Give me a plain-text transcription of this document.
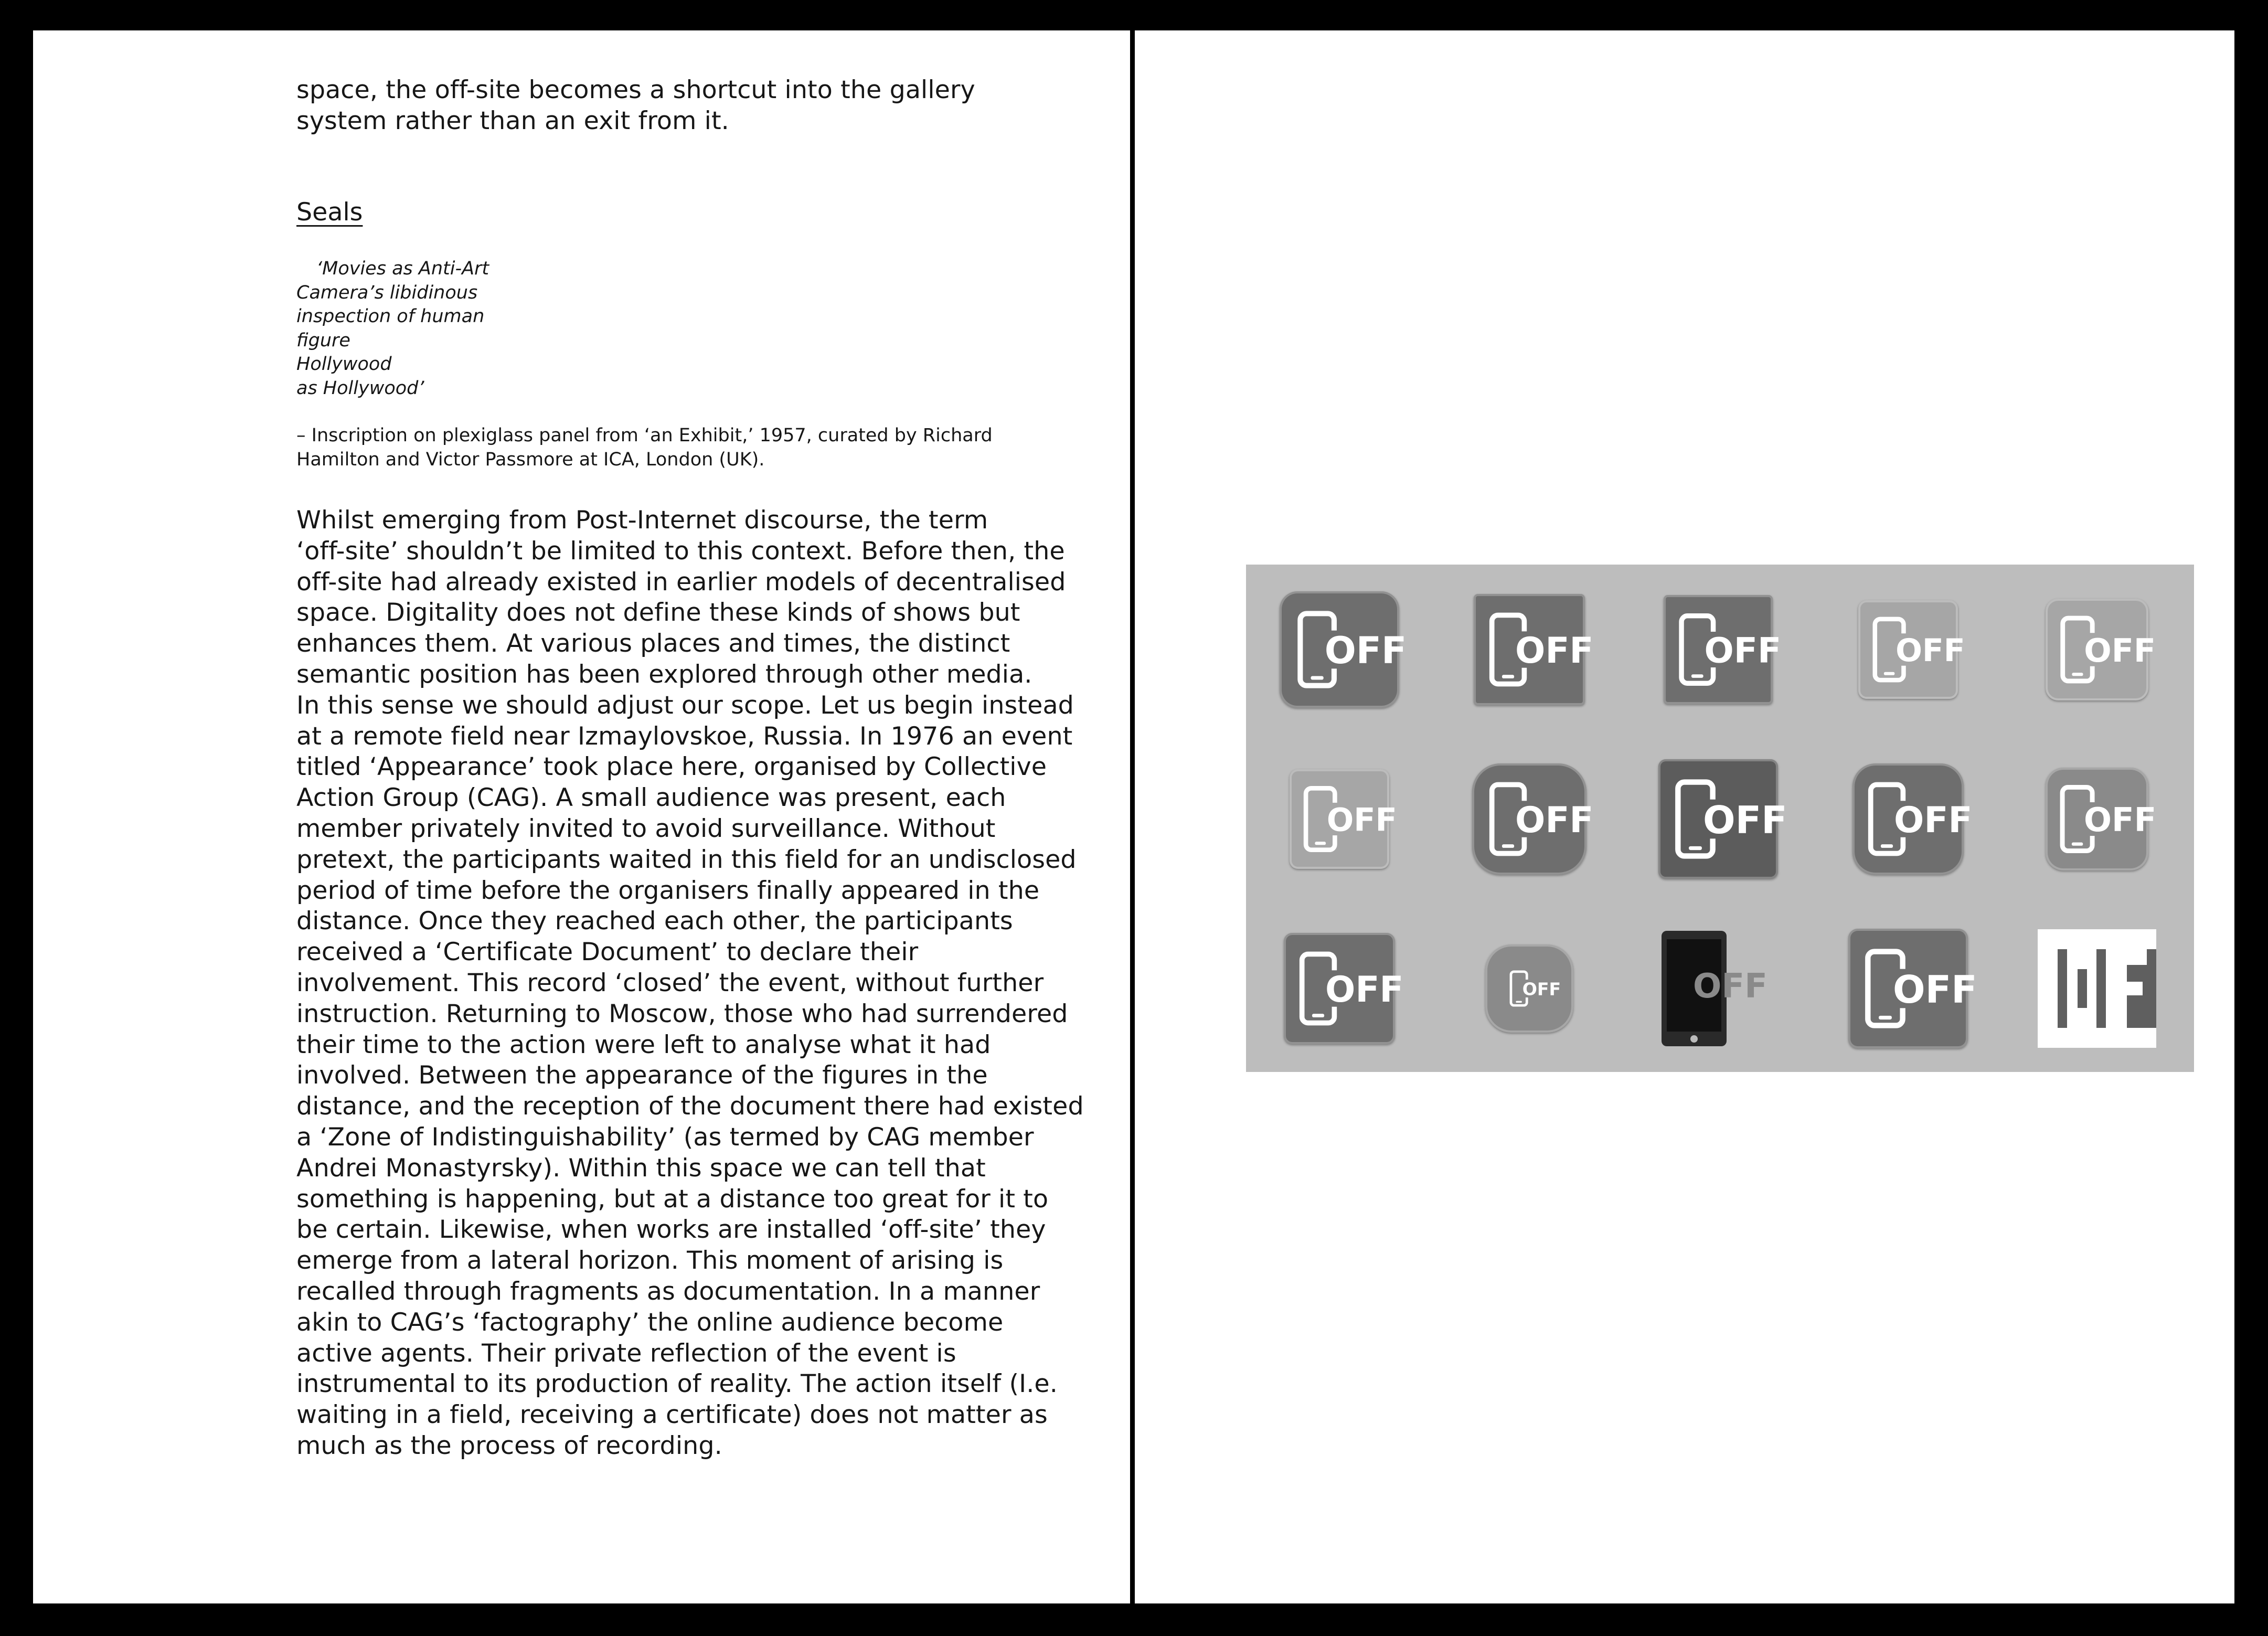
space, the off-site becomes a shortcut into the gallery
system rather than an exit from it.
Seals
‘Movies as Anti-Art
Camera’s libidinous
inspection of human
figure
Hollywood
as Hollywood’
– Inscription on plexiglass panel from ‘an Exhibit,’ 1957, curated by Richard
Hamilton and Victor Passmore at ICA, London (UK).
Whilst emerging from Post-Internet discourse, the term
‘off-site’ shouldn’t be limited to this context. Before then, the
off-site had already existed in earlier models of decentralised
space. Digitality does not define these kinds of shows but
enhances them. At various places and times, the distinct
semantic position has been explored through other media.
In this sense we should adjust our scope. Let us begin instead
at a remote field near Izmaylovskoe, Russia. In 1976 an event
titled ‘Appearance’ took place here, organised by Collective
Action Group (CAG). A small audience was present, each
member privately invited to avoid surveillance. Without
pretext, the participants waited in this field for an undisclosed
period of time before the organisers finally appeared in the
distance. Once they reached each other, the participants
received a ‘Certificate Document’ to declare their
involvement. This record ‘closed’ the event, without further
instruction. Returning to Moscow, those who had surrendered
their time to the action were left to analyse what it had
involved. Between the appearance of the figures in the
distance, and the reception of the document there had existed
a ‘Zone of Indistinguishability’ (as termed by CAG member
Andrei Monastyrsky). Within this space we can tell that
something is happening, but at a distance too great for it to
be certain. Likewise, when works are installed ‘off-site’ they
emerge from a lateral horizon. This moment of arising is
recalled through fragments as documentation. In a manner
akin to CAG’s ‘factography’ the online audience become
active agents. Their private reflection of the event is
instrumental to its production of reality. The action itself (I.e.
waiting in a field, receiving a certificate) does not matter as
much as the process of recording.
OFF	OFF	OFF	OFF	OFF
OFF	OFF	OFF	OFF	OFF
OFF	OFF	OFF	OFF
